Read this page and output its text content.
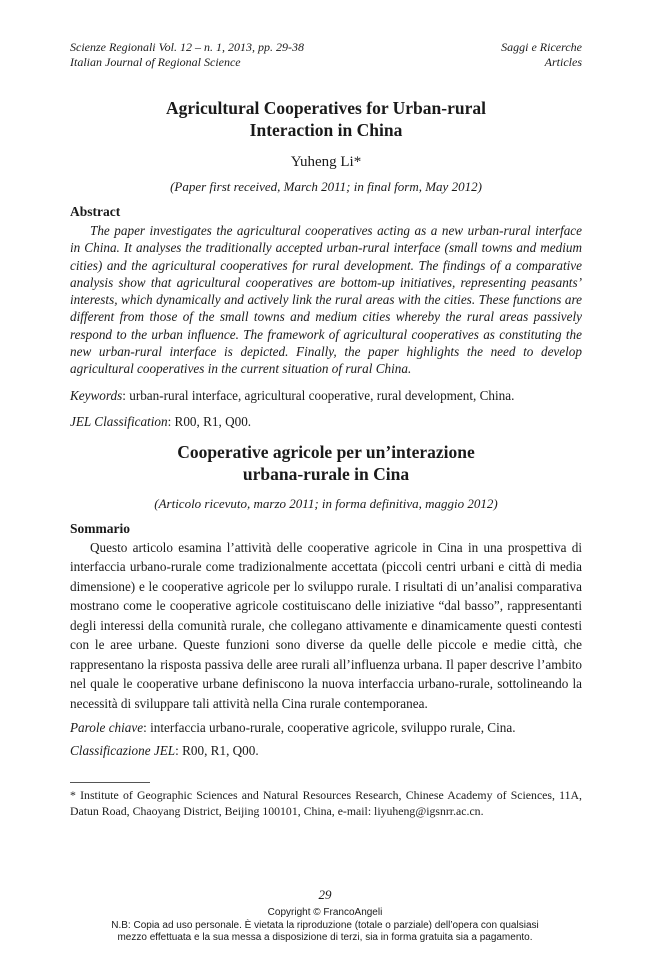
Scienze Regionali Vol. 12 – n. 1, 2013, pp. 29-38
Italian Journal of Regional Science
Saggi e Ricerche
Articles
Agricultural Cooperatives for Urban-rural
Interaction in China
Yuheng Li*
(Paper first received, March 2011; in final form, May 2012)
Abstract

The paper investigates the agricultural cooperatives acting as a new urban-rural interface in China. It analyses the traditionally accepted urban-rural interface (small towns and medium cities) and the agricultural cooperatives for rural development. The findings of a comparative analysis show that agricultural cooperatives are bottom-up initiatives, representing peasants’ interests, which dynamically and actively link the rural areas with the cities. These functions are different from those of the small towns and medium cities whereby the rural areas passively respond to the urban influence. The framework of agricultural cooperatives as constituting the new urban-rural interface is depicted. Finally, the paper highlights the need to develop agricultural cooperatives in the current situation of rural China.

Keywords: urban-rural interface, agricultural cooperative, rural development, China.
JEL Classification: R00, R1, Q00.
Cooperative agricole per un’interazione
urbana-rurale in Cina
(Articolo ricevuto, marzo 2011; in forma definitiva, maggio 2012)
Sommario

Questo articolo esamina l’attività delle cooperative agricole in Cina in una prospettiva di interfaccia urbano-rurale come tradizionalmente accettata (piccoli centri urbani e città di media dimensione) e le cooperative agricole per lo sviluppo rurale. I risultati di un’analisi comparativa mostrano come le cooperative agricole costituiscano delle iniziative “dal basso”, rappresentanti degli interessi della comunità rurale, che collegano attivamente e dinamicamente questi contesti con le aree urbane. Queste funzioni sono diverse da quelle delle piccole e medie città, che rappresentano la risposta passiva delle aree rurali all’influenza urbana. Il paper descrive l’ambito nel quale le cooperative urbane definiscono la nuova interfaccia urbano-rurale, sottolineando la necessità di sviluppare tali attività nella Cina rurale contemporanea.

Parole chiave: interfaccia urbano-rurale, cooperative agricole, sviluppo rurale, Cina.
Classificazione JEL: R00, R1, Q00.
* Institute of Geographic Sciences and Natural Resources Research, Chinese Academy of Sciences, 11A, Datun Road, Chaoyang District, Beijing 100101, China, e-mail: liyuheng@igsnrr.ac.cn.
29
Copyright © FrancoAngeli
N.B: Copia ad uso personale. È vietata la riproduzione (totale o parziale) dell’opera con qualsiasi
mezzo effettuata e la sua messa a disposizione di terzi, sia in forma gratuita sia a pagamento.
